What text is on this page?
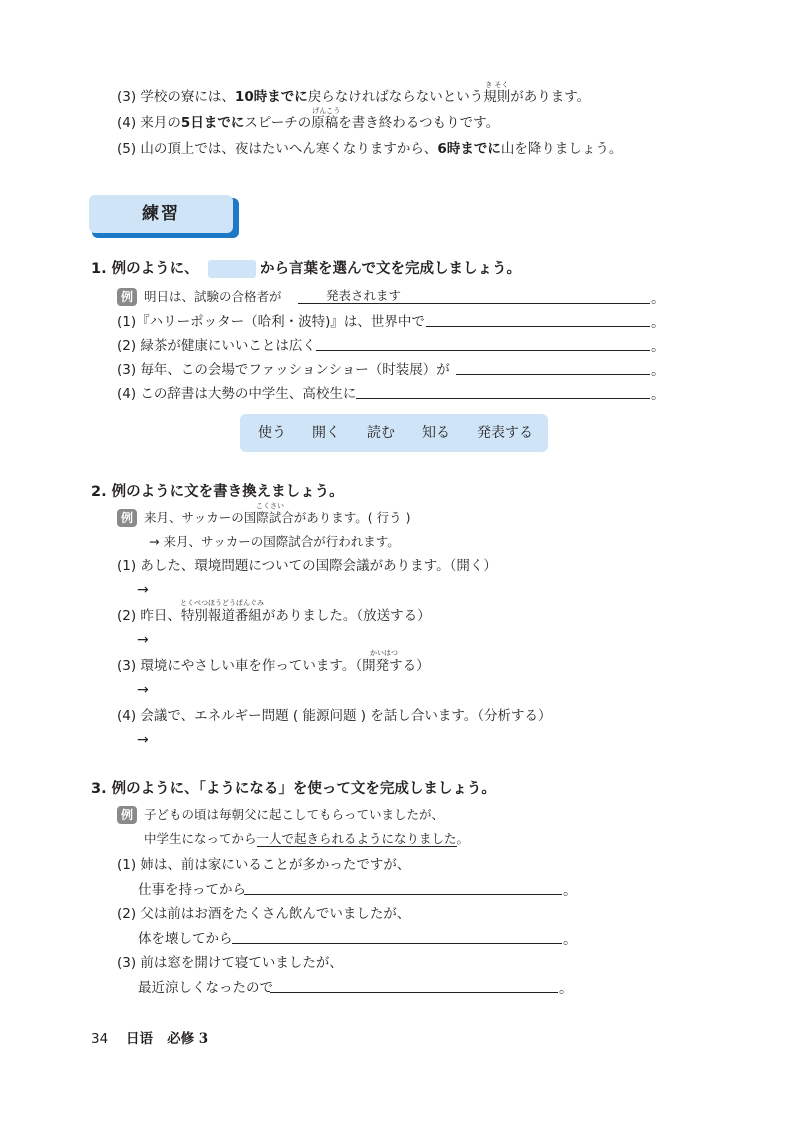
(3) 学校の寮には、10時までに戻らなければならないという
き そく
規則があります。
(4) 来月の5日までにスピーチの
げんこう
原稿を書き終わるつもりです。
(5) 山の頂上では、夜はたいへん寒くなりますから、6時までに山を降りましょう。
練習
1. 例のように、	から言葉を選んで文を完成しましょう。
例 明日は、試験の合格者が	発表されます	。
(1)『ハリーポッター（哈利・波特)』は、世界中で	。
(2) 緑茶が健康にいいことは広く	。
(3) 毎年、この会場でファッションショー（时装展）が	。
(4) この辞書は大勢の中学生、高校生に	。
使う 開く 読む 知る 発表する
2. 例のように文を書き換えましょう。
例
こくさい
来月、サッカーの国際試合があります。( 行う )
→ 来月、サッカーの国際試合が行われます。
(1) あした、環境問題についての国際会議があります。（開く）
→
とくべつほうどうばんぐみ
(2) 昨日、特別報道番組がありました。（放送する）
→
かいはつ
(3) 環境にやさしい車を作っています。（開発する）
→
(4) 会議で、エネルギー問題 ( 能源问题 ) を話し合います。（分析する）
→
3. 例のように、「ようになる」を使って文を完成しましょう。
例 子どもの頃は毎朝父に起こしてもらっていましたが、
中学生になってから一人で起きられるようになりました。
(1) 姉は、前は家にいることが多かったですが、
仕事を持ってから	。
(2) 父は前はお酒をたくさん飲んでいましたが、
体を壊してから	。
(3) 前は窓を開けて寝ていましたが、
最近涼しくなったので	。
34 日语   必修 3
